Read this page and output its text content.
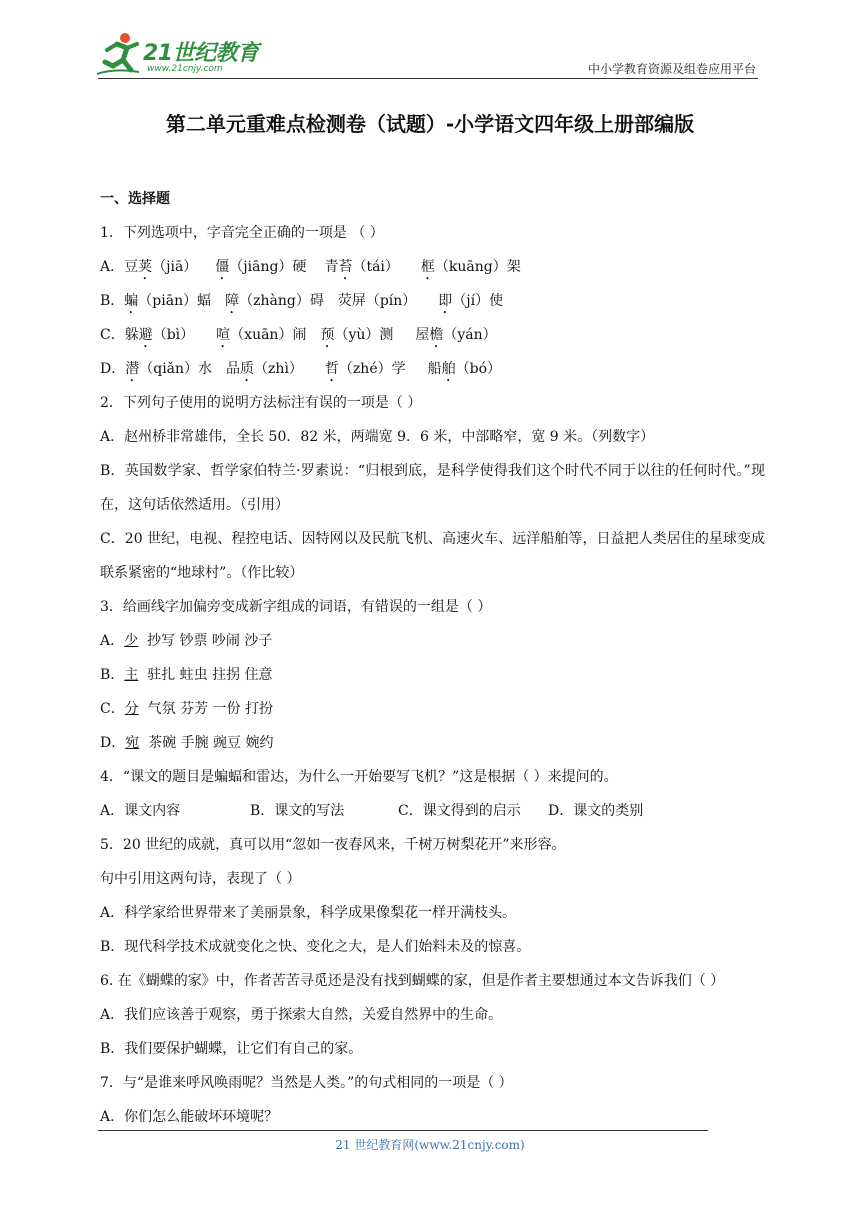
21世纪教育
www.21cnjy.com	中小学教育资源及组卷应用平台
第二单元重难点检测卷（试题）-小学语文四年级上册部编版
一、选择题
1．下列选项中，字音完全正确的一项是 （ ）
A．豆荚（jiā） 僵（jiāng）硬 青苔（tái） 框（kuāng）架
B．蝙（piān）蝠 障（zhàng）碍 荧屏（pín） 即（jí）使
C．躲避（bì） 喧（xuān）闹 预（yù）测 屋檐（yán）
D．潜（qiǎn）水 品质（zhì） 哲（zhé）学 船舶（bó）
2．下列句子使用的说明方法标注有误的一项是（ ）
A．赵州桥非常雄伟，全长 50．82 米，两端宽 9．6 米，中部略窄，宽 9 米。（列数字）
B．英国数学家、哲学家伯特兰·罗素说：“归根到底，是科学使得我们这个时代不同于以往的任何时代。”现在，这句话依然适用。（引用）
C．20 世纪，电视、程控电话、因特网以及民航飞机、高速火车、远洋船舶等，日益把人类居住的星球变成联系紧密的“地球村”。（作比较）
3．给画线字加偏旁变成新字组成的词语，有错误的一组是（ ）
A．少 抄写 钞票 吵闹 沙子
B．主 驻扎 蛀虫 拄拐 住意
C．分 气氛 芬芳 一份 打扮
D．宛 茶碗 手腕 豌豆 婉约
4．“课文的题目是蝙蝠和雷达，为什么一开始要写飞机？”这是根据（ ）来提问的。
A．课文内容	B．课文的写法	C．课文得到的启示 D．课文的类别
5．20 世纪的成就，真可以用“忽如一夜春风来，千树万树梨花开”来形容。
句中引用这两句诗，表现了（ ）
A．科学家给世界带来了美丽景象，科学成果像梨花一样开满枝头。
B．现代科学技术成就变化之快、变化之大，是人们始料未及的惊喜。
6. 在《蝴蝶的家》中，作者苦苦寻觅还是没有找到蝴蝶的家，但是作者主要想通过本文告诉我们（ ）
A．我们应该善于观察，勇于探索大自然，关爱自然界中的生命。
B．我们要保护蝴蝶，让它们有自己的家。
7．与“是谁来呼风唤雨呢？当然是人类。”的句式相同的一项是（ ）
A．你们怎么能破坏环境呢？
21 世纪教育网(www.21cnjy.com)
